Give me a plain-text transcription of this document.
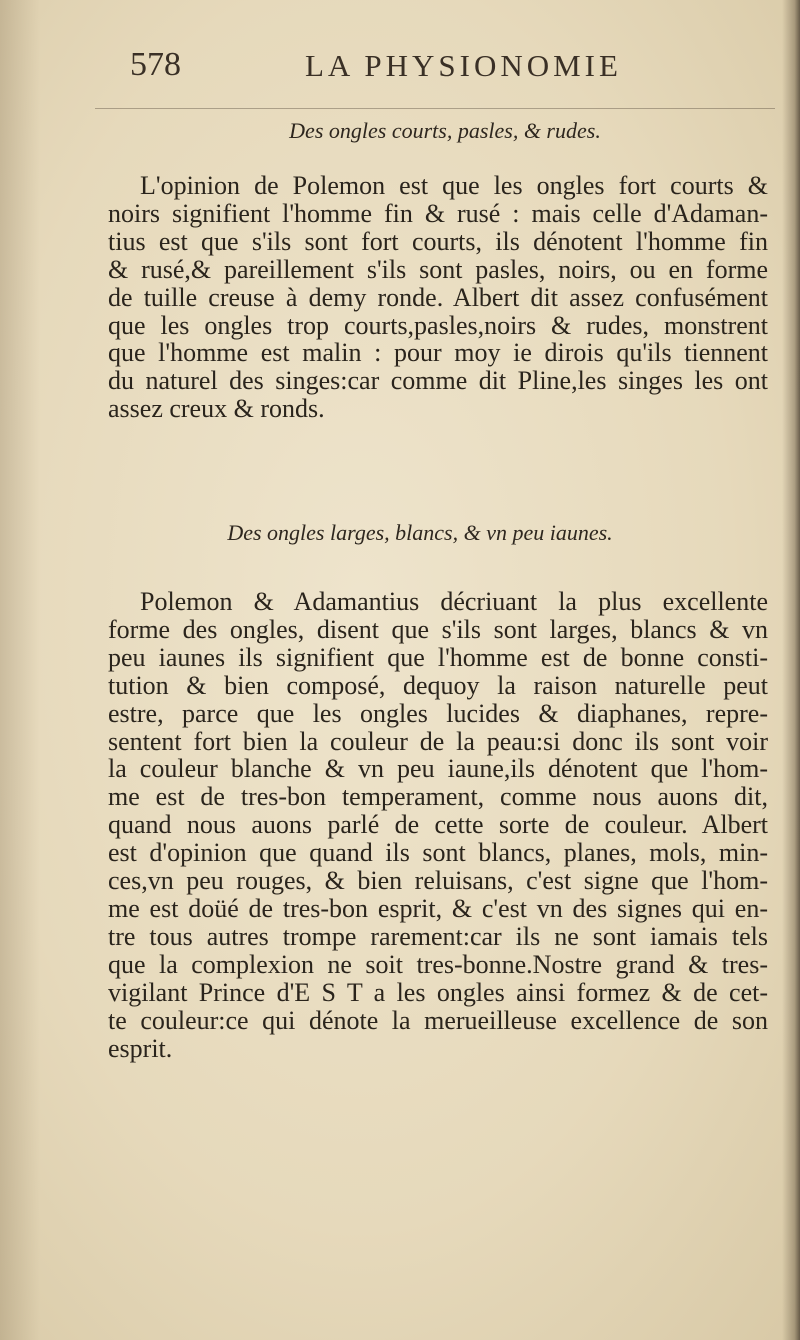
578	LA PHYSIONOMIE
Des ongles courts, pasles, & rudes.
L'opinion de Polemon est que les ongles fort courts &
noirs signifient l'homme fin & rusé : mais celle d'Adaman-
tius est que s'ils sont fort courts, ils dénotent l'homme fin
& rusé,& pareillement s'ils sont pasles, noirs, ou en forme
de tuille creuse à demy ronde. Albert dit assez confusément
que les ongles trop courts,pasles,noirs & rudes, monstrent
que l'homme est malin : pour moy ie dirois qu'ils tiennent
du naturel des singes:car comme dit Pline,les singes les ont
assez creux & ronds.
Des ongles larges, blancs, & vn peu iaunes.
Polemon & Adamantius décriuant la plus excellente
forme des ongles, disent que s'ils sont larges, blancs & vn
peu iaunes ils signifient que l'homme est de bonne consti-
tution & bien composé, dequoy la raison naturelle peut
estre, parce que les ongles lucides & diaphanes, repre-
sentent fort bien la couleur de la peau:si donc ils sont voir
la couleur blanche & vn peu iaune,ils dénotent que l'hom-
me est de tres-bon temperament, comme nous auons dit,
quand nous auons parlé de cette sorte de couleur. Albert
est d'opinion que quand ils sont blancs, planes, mols, min-
ces,vn peu rouges, & bien reluisans, c'est signe que l'hom-
me est doüé de tres-bon esprit, & c'est vn des signes qui en-
tre tous autres trompe rarement:car ils ne sont iamais tels
que la complexion ne soit tres-bonne.Nostre grand & tres-
vigilant Prince d'E S T a les ongles ainsi formez & de cet-
te couleur:ce qui dénote la merueilleuse excellence de son
esprit.
